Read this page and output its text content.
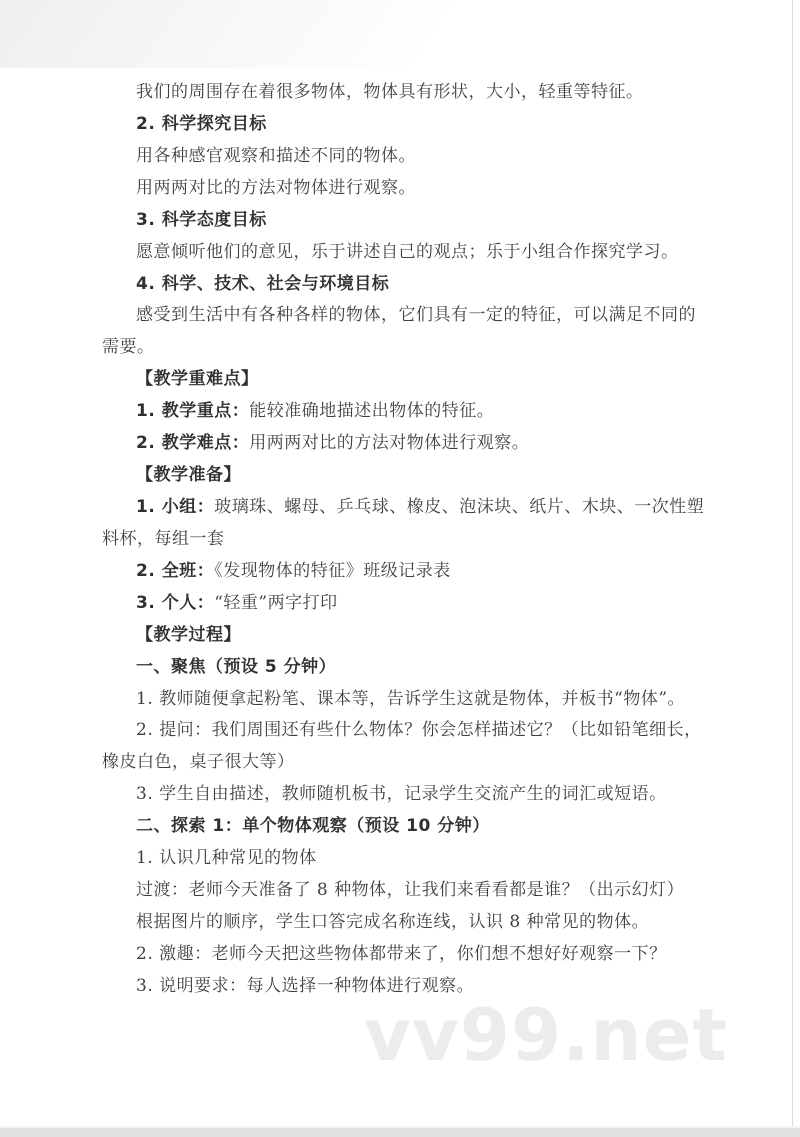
我们的周围存在着很多物体，物体具有形状，大小，轻重等特征。

2. 科学探究目标

用各种感官观察和描述不同的物体。

用两两对比的方法对物体进行观察。

3. 科学态度目标

愿意倾听他们的意见，乐于讲述自己的观点；乐于小组合作探究学习。

4. 科学、技术、社会与环境目标

感受到生活中有各种各样的物体，它们具有一定的特征，可以满足不同的

需要。

【教学重难点】

1. 教学重点：能较准确地描述出物体的特征。

2. 教学难点：用两两对比的方法对物体进行观察。

【教学准备】

1. 小组：玻璃珠、螺母、乒乓球、橡皮、泡沫块、纸片、木块、一次性塑

料杯，每组一套

2. 全班：《发现物体的特征》班级记录表

3. 个人：“轻重”两字打印

【教学过程】

一、聚焦（预设 5 分钟）

1. 教师随便拿起粉笔、课本等，告诉学生这就是物体，并板书“物体”。

2. 提问：我们周围还有些什么物体？你会怎样描述它？（比如铅笔细长，

橡皮白色，桌子很大等）

3. 学生自由描述，教师随机板书，记录学生交流产生的词汇或短语。

二、探索 1：单个物体观察（预设 10 分钟）

1. 认识几种常见的物体

过渡：老师今天准备了 8 种物体，让我们来看看都是谁？（出示幻灯）

根据图片的顺序，学生口答完成名称连线，认识 8 种常见的物体。

2. 激趣：老师今天把这些物体都带来了，你们想不想好好观察一下？

3. 说明要求：每人选择一种物体进行观察。

vv99.net
